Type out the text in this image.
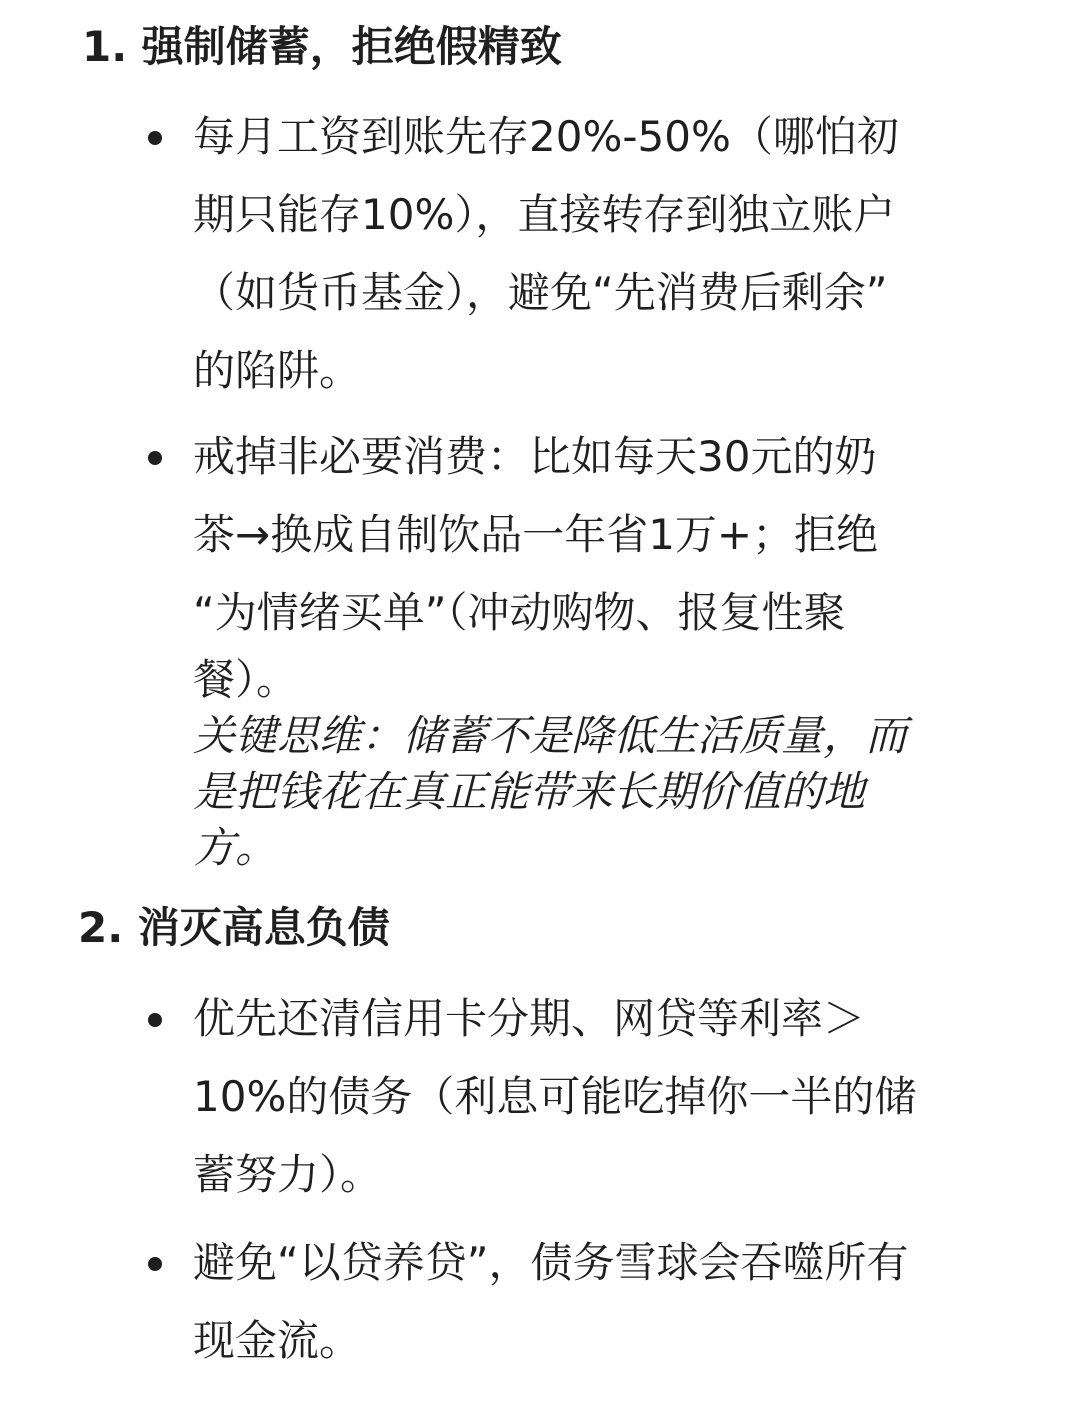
1. 强制储蓄，拒绝假精致

每月工资到账先存20%-50%（哪怕初

期只能存10%），直接转存到独立账户

（如货币基金），避免“先消费后剩余”

的陷阱。

戒掉非必要消费：比如每天30元的奶

茶→换成自制饮品一年省1万+；拒绝

“为情绪买单”（冲动购物、报复性聚

餐）。

关键思维：储蓄不是降低生活质量，而

是把钱花在真正能带来长期价值的地

方。

2. 消灭高息负债

优先还清信用卡分期、网贷等利率＞

10%的债务（利息可能吃掉你一半的储

蓄努力）。

避免“以贷养贷”，债务雪球会吞噬所有

现金流。
